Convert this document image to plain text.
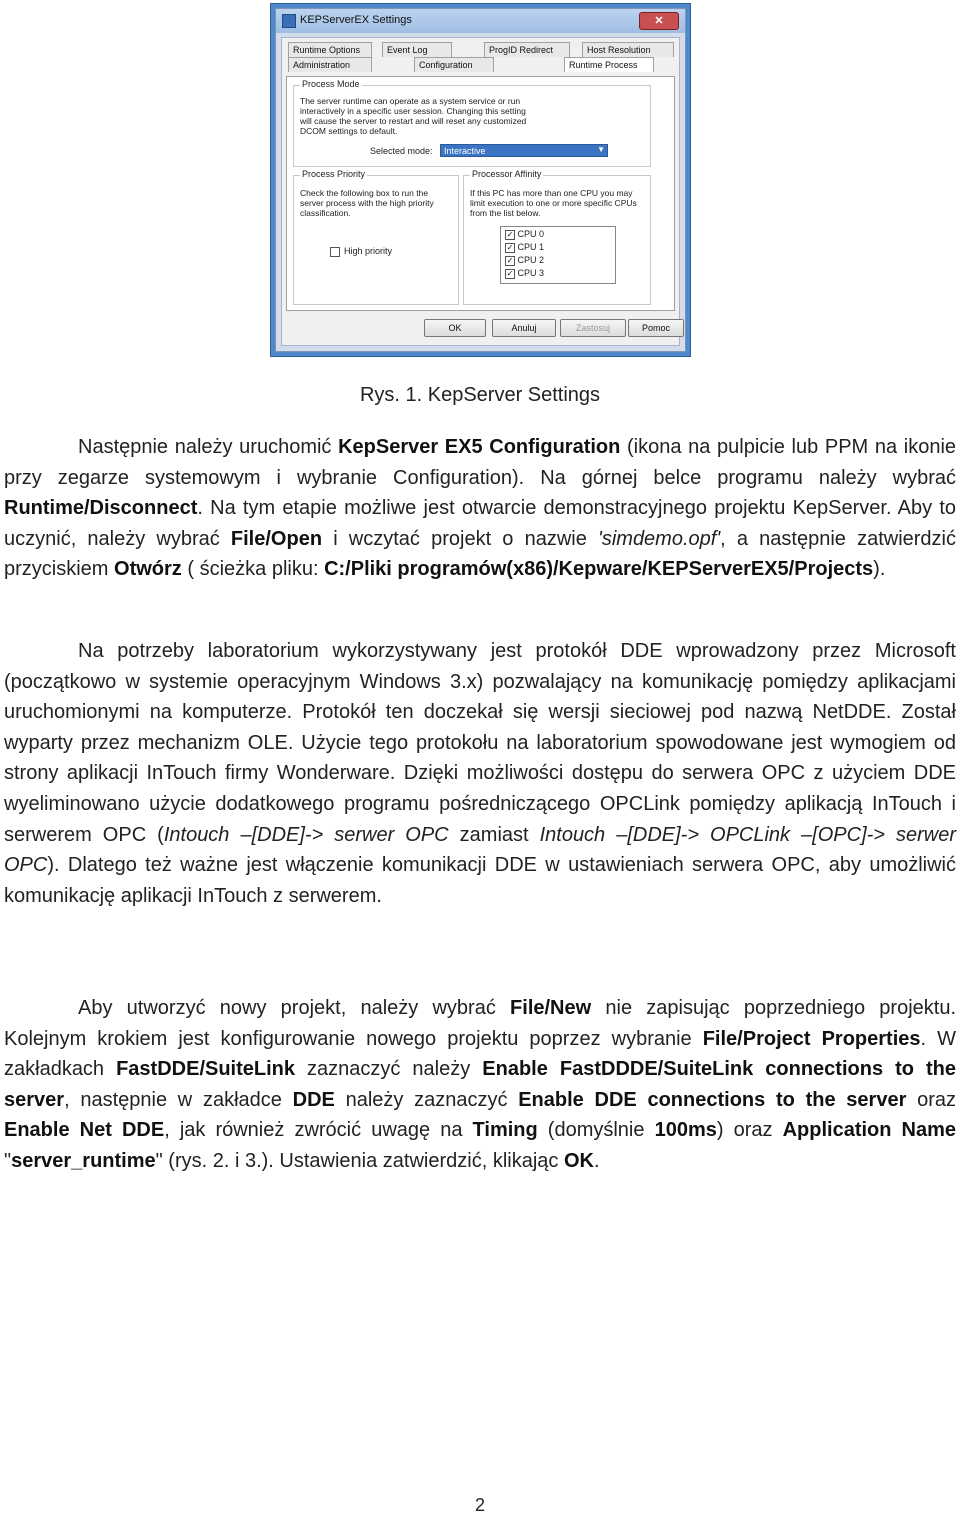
KEPServerEX Settings	✕
Runtime Options	Event Log	ProgID Redirect	Host Resolution
Administration	Configuration	Runtime Process
Process Mode
The server runtime can operate as a system service or run interactively in a specific user session. Changing this setting will cause the server to restart and will reset any customized DCOM settings to default.
Selected mode:	Interactive	▼
Process Priority
Check the following box to run the server process with the high priority classification.
High priority
Processor Affinity
If this PC has more than one CPU you may limit execution to one or more specific CPUs from the list below.
✓ CPU 0
✓ CPU 1
✓ CPU 2
✓ CPU 3
OK	Anuluj	Zastosuj	Pomoc
Rys. 1. KepServer Settings
Następnie należy uruchomić KepServer EX5 Configuration (ikona na pulpicie lub PPM na ikonie przy zegarze systemowym i wybranie Configuration). Na górnej belce programu należy wybrać Runtime/Disconnect. Na tym etapie możliwe jest otwarcie demonstracyjnego projektu KepServer. Aby to uczynić, należy wybrać File/Open i wczytać projekt o nazwie 'simdemo.opf', a następnie zatwierdzić przyciskiem Otwórz ( ścieżka pliku: C:/Pliki programów(x86)/Kepware/KEPServerEX5/Projects).
Na potrzeby laboratorium wykorzystywany jest protokół DDE wprowadzony przez Microsoft (początkowo w systemie operacyjnym Windows 3.x) pozwalający na komunikację pomiędzy aplikacjami uruchomionymi na komputerze. Protokół ten doczekał się wersji sieciowej pod nazwą NetDDE. Został wyparty przez mechanizm OLE. Użycie tego protokołu na laboratorium spowodowane jest wymogiem od strony aplikacji InTouch firmy Wonderware. Dzięki możliwości dostępu do serwera OPC z użyciem DDE wyeliminowano użycie dodatkowego programu pośredniczącego OPCLink pomiędzy aplikacją InTouch i serwerem OPC (Intouch –[DDE]-> serwer OPC zamiast Intouch –[DDE]-> OPCLink –[OPC]-> serwer OPC). Dlatego też ważne jest włączenie komunikacji DDE w ustawieniach serwera OPC, aby umożliwić komunikację aplikacji InTouch z serwerem.
Aby utworzyć nowy projekt, należy wybrać File/New nie zapisując poprzedniego projektu. Kolejnym krokiem jest konfigurowanie nowego projektu poprzez wybranie File/Project Properties. W zakładkach FastDDE/SuiteLink zaznaczyć należy Enable FastDDDE/SuiteLink connections to the server, następnie w zakładce DDE należy zaznaczyć Enable DDE connections to the server oraz Enable Net DDE, jak również zwrócić uwagę na Timing (domyślnie 100ms) oraz Application Name "server_runtime" (rys. 2. i 3.). Ustawienia zatwierdzić, klikając OK.
2
